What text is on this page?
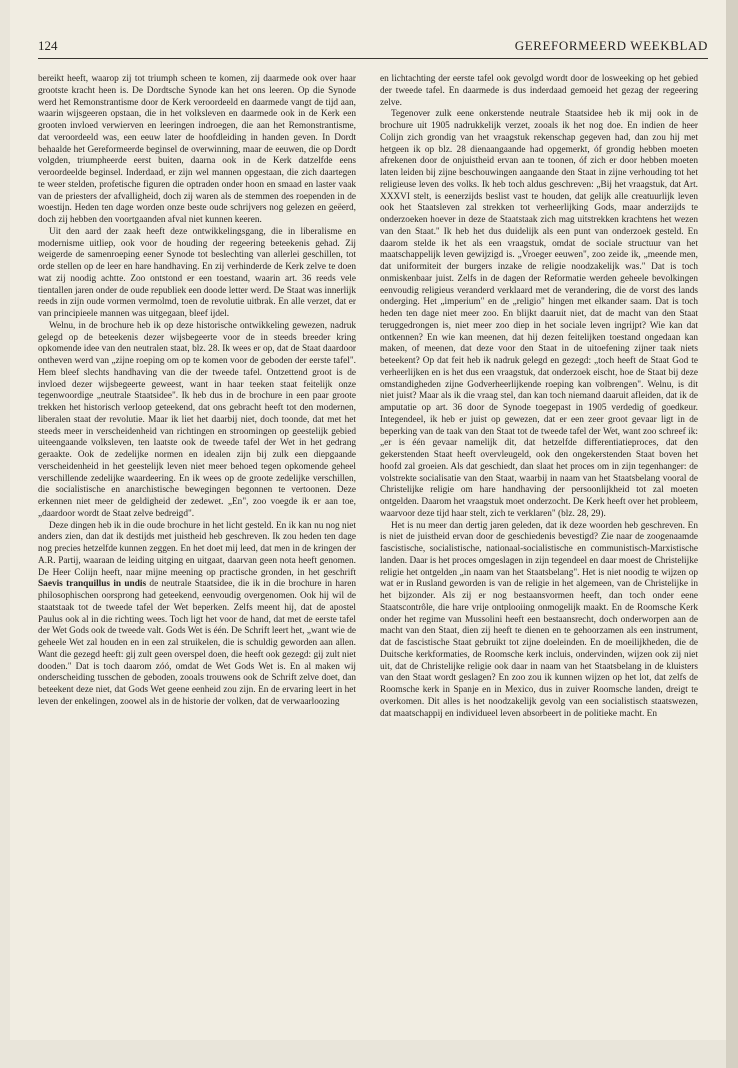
124	GEREFORMEERD WEEKBLAD

bereikt heeft, waarop zij tot triumph scheen te komen, zij daarmede ook over haar grootste kracht heen is. De Dordtsche Synode kan het ons leeren. Op die Synode werd het Remonstrantisme door de Kerk veroordeeld en daarmede vangt de tijd aan, waarin wijsgeeren opstaan, die in het volksleven en daarmede ook in de Kerk een grooten invloed verwierven en leeringen indroegen, die aan het Remonstrantisme, dat veroordeeld was, een eeuw later de hoofdleiding in handen geven. In Dordt behaalde het Gereformeerde beginsel de overwinning, maar de eeuwen, die op Dordt volgden, triumpheerde eerst buiten, daarna ook in de Kerk datzelfde eens veroordeelde beginsel. Inderdaad, er zijn wel mannen opgestaan, die zich daartegen te weer stelden, profetische figuren die optraden onder hoon en smaad en laster vaak van de priesters der afvalligheid, doch zij waren als de stemmen des roependen in de woestijn. Heden ten dage worden onze beste oude schrijvers nog gelezen en geëerd, doch zij hebben den voortgaanden afval niet kunnen keeren.

Uit den aard der zaak heeft deze ontwikkelingsgang, die in liberalisme en modernisme uitliep, ook voor de houding der regeering beteekenis gehad. Zij weigerde de samenroeping eener Synode tot beslechting van allerlei geschillen, tot orde stellen op de leer en hare handhaving. En zij verhinderde de Kerk zelve te doen wat zij noodig achtte. Zoo ontstond er een toestand, waarin art. 36 reeds vele tientallen jaren onder de oude republiek een doode letter werd. De Staat was innerlijk reeds in zijn oude vormen vermolmd, toen de revolutie uitbrak. En alle verzet, dat er van principieele mannen was uitgegaan, bleef ijdel.

Welnu, in de brochure heb ik op deze historische ontwikkeling gewezen, nadruk gelegd op de beteekenis dezer wijsbegeerte voor de in steeds breeder kring opkomende idee van den neutralen staat, blz. 28. Ik wees er op, dat de Staat daardoor ontheven werd van „zijne roeping om op te komen voor de geboden der eerste tafel". Hem bleef slechts handhaving van die der tweede tafel. Ontzettend groot is de invloed dezer wijsbegeerte geweest, want in haar teeken staat feitelijk onze tegenwoordige „neutrale Staatsidee". Ik heb dus in de brochure in een paar groote trekken het historisch verloop geteekend, dat ons gebracht heeft tot den modernen, liberalen staat der revolutie. Maar ik liet het daarbij niet, doch toonde, dat met het steeds meer in verscheidenheid van richtingen en stroomingen op geestelijk gebied uiteengaande volksleven, ten laatste ook de tweede tafel der Wet in het gedrang geraakte. Ook de zedelijke normen en idealen zijn bij zulk een diepgaande verscheidenheid in het geestelijk leven niet meer behoed tegen opkomende geheel verschillende zedelijke waardeering. En ik wees op de groote zedelijke verschillen, die socialistische en anarchistische bewegingen begonnen te vertoonen. Deze erkennen niet meer de geldigheid der zedewet. „En", zoo voegde ik er aan toe, „daardoor wordt de Staat zelve bedreigd".

Deze dingen heb ik in die oude brochure in het licht gesteld. En ik kan nu nog niet anders zien, dan dat ik destijds met juistheid heb geschreven. Ik zou heden ten dage nog precies hetzelfde kunnen zeggen. En het doet mij leed, dat men in de kringen der A.R. Partij, waaraan de leiding uitging en uitgaat, daarvan geen nota heeft genomen. De Heer Colijn heeft, naar mijne meening op practische gronden, in het geschrift Saevis tranquillus in undis de neutrale Staatsidee, die ik in die brochure in haren philosophischen oorsprong had geteekend, eenvoudig overgenomen. Ook hij wil de staatstaak tot de tweede tafel der Wet beperken. Zelfs meent hij, dat de apostel Paulus ook al in die richting wees. Toch ligt het voor de hand, dat met de eerste tafel der Wet Gods ook de tweede valt. Gods Wet is één. De Schrift leert het, „want wie de geheele Wet zal houden en in een zal struikelen, die is schuldig geworden aan allen. Want die gezegd heeft: gij zult geen overspel doen, die heeft ook gezegd: gij zult niet dooden." Dat is toch daarom zóó, omdat de Wet Gods Wet is. En al maken wij onderscheiding tusschen de geboden, zooals trouwens ook de Schrift zelve doet, dan beteekent deze niet, dat Gods Wet geene eenheid zou zijn. En de ervaring leert in het leven der enkelingen, zoowel als in de historie der volken, dat de verwaarloozing

en lichtachting der eerste tafel ook gevolgd wordt door de losweeking op het gebied der tweede tafel. En daarmede is dus inderdaad gemoeid het gezag der regeering zelve.

Tegenover zulk eene onkerstende neutrale Staatsidee heb ik mij ook in de brochure uit 1905 nadrukkelijk verzet, zooals ik het nog doe. En indien de heer Colijn zich grondig van het vraagstuk rekenschap gegeven had, dan zou hij met hetgeen ik op blz. 28 dienaangaande had opgemerkt, óf grondig hebben moeten afrekenen door de onjuistheid ervan aan te toonen, óf zich er door hebben moeten laten leiden bij zijne beschouwingen aangaande den Staat in zijne verhouding tot het religieuse leven des volks. Ik heb toch aldus geschreven: „Bij het vraagstuk, dat Art. XXXVI stelt, is eenerzijds beslist vast te houden, dat gelijk alle creatuurlijk leven ook het Staatsleven zal strekken tot verheerlijking Gods, maar anderzijds te onderzoeken hoever in deze de Staatstaak zich mag uitstrekken krachtens het wezen van den Staat." Ik heb het dus duidelijk als een punt van onderzoek gesteld. En daarom stelde ik het als een vraagstuk, omdat de sociale structuur van het maatschappelijk leven gewijzigd is. „Vroeger eeuwen", zoo zeide ik, „meende men, dat uniformiteit der burgers inzake de religie noodzakelijk was." Dat is toch onmiskenbaar juist. Zelfs in de dagen der Reformatie werden geheele bevolkingen eenvoudig religieus veranderd verklaard met de verandering, die de vorst des lands onderging. Het „imperium" en de „religio" hingen met elkander saam. Dat is toch heden ten dage niet meer zoo. En blijkt daaruit niet, dat de macht van den Staat teruggedrongen is, niet meer zoo diep in het sociale leven ingrijpt? Wie kan dat ontkennen? En wie kan meenen, dat hij dezen feitelijken toestand ongedaan kan maken, of meenen, dat deze voor den Staat in de uitoefening zijner taak niets beteekent? Op dat feit heb ik nadruk gelegd en gezegd: „toch heeft de Staat God te verheerlijken en is het dus een vraagstuk, dat onderzoek eischt, hoe de Staat bij deze omstandigheden zijne Godverheerlijkende roeping kan volbrengen". Welnu, is dit niet juist? Maar als ik die vraag stel, dan kan toch niemand daaruit afleiden, dat ik de amputatie op art. 36 door de Synode toegepast in 1905 verdedig of goedkeur. Integendeel, ik heb er juist op gewezen, dat er een zeer groot gevaar ligt in de beperking van de taak van den Staat tot de tweede tafel der Wet, want zoo schreef ik: „er is één gevaar namelijk dit, dat hetzelfde differentiatieproces, dat den gekerstenden Staat heeft overvleugeld, ook den ongekerstenden Staat boven het hoofd zal groeien. Als dat geschiedt, dan slaat het proces om in zijn tegenhanger: de volstrekte socialisatie van den Staat, waarbij in naam van het Staatsbelang vooral de Christelijke religie om hare handhaving der persoonlijkheid tot zal moeten ontgelden. Daarom het vraagstuk moet onderzocht. De Kerk heeft over het probleem, waarvoor deze tijd haar stelt, zich te verklaren" (blz. 28, 29).

Het is nu meer dan dertig jaren geleden, dat ik deze woorden heb geschreven. En is niet de juistheid ervan door de geschiedenis bevestigd? Zie naar de zoogenaamde fascistische, socialistische, nationaal-socialistische en communistisch-Marxistische landen. Daar is het proces omgeslagen in zijn tegendeel en daar moest de Christelijke religie het ontgelden „in naam van het Staatsbelang". Het is niet noodig te wijzen op wat er in Rusland geworden is van de religie in het algemeen, van de Christelijke in het bijzonder. Als zij er nog bestaansvormen heeft, dan toch onder eene Staatscontrôle, die hare vrije ontplooiing onmogelijk maakt. En de Roomsche Kerk onder het regime van Mussolini heeft een bestaansrecht, doch onderworpen aan de macht van den Staat, dien zij heeft te dienen en te gehoorzamen als een instrument, dat de fascistische Staat gebruikt tot zijne doeleinden. En de moeilijkheden, die de Duitsche kerkformaties, de Roomsche kerk incluis, ondervinden, wijzen ook zij niet uit, dat de Christelijke religie ook daar in naam van het Staatsbelang in de kluisters van den Staat wordt geslagen? En zoo zou ik kunnen wijzen op het lot, dat zelfs de Roomsche kerk in Spanje en in Mexico, dus in zuiver Roomsche landen, dreigt te overkomen. Dit alles is het noodzakelijk gevolg van een socialistisch staatswezen, dat maatschappij en individueel leven absorbeert in de politieke macht. En
